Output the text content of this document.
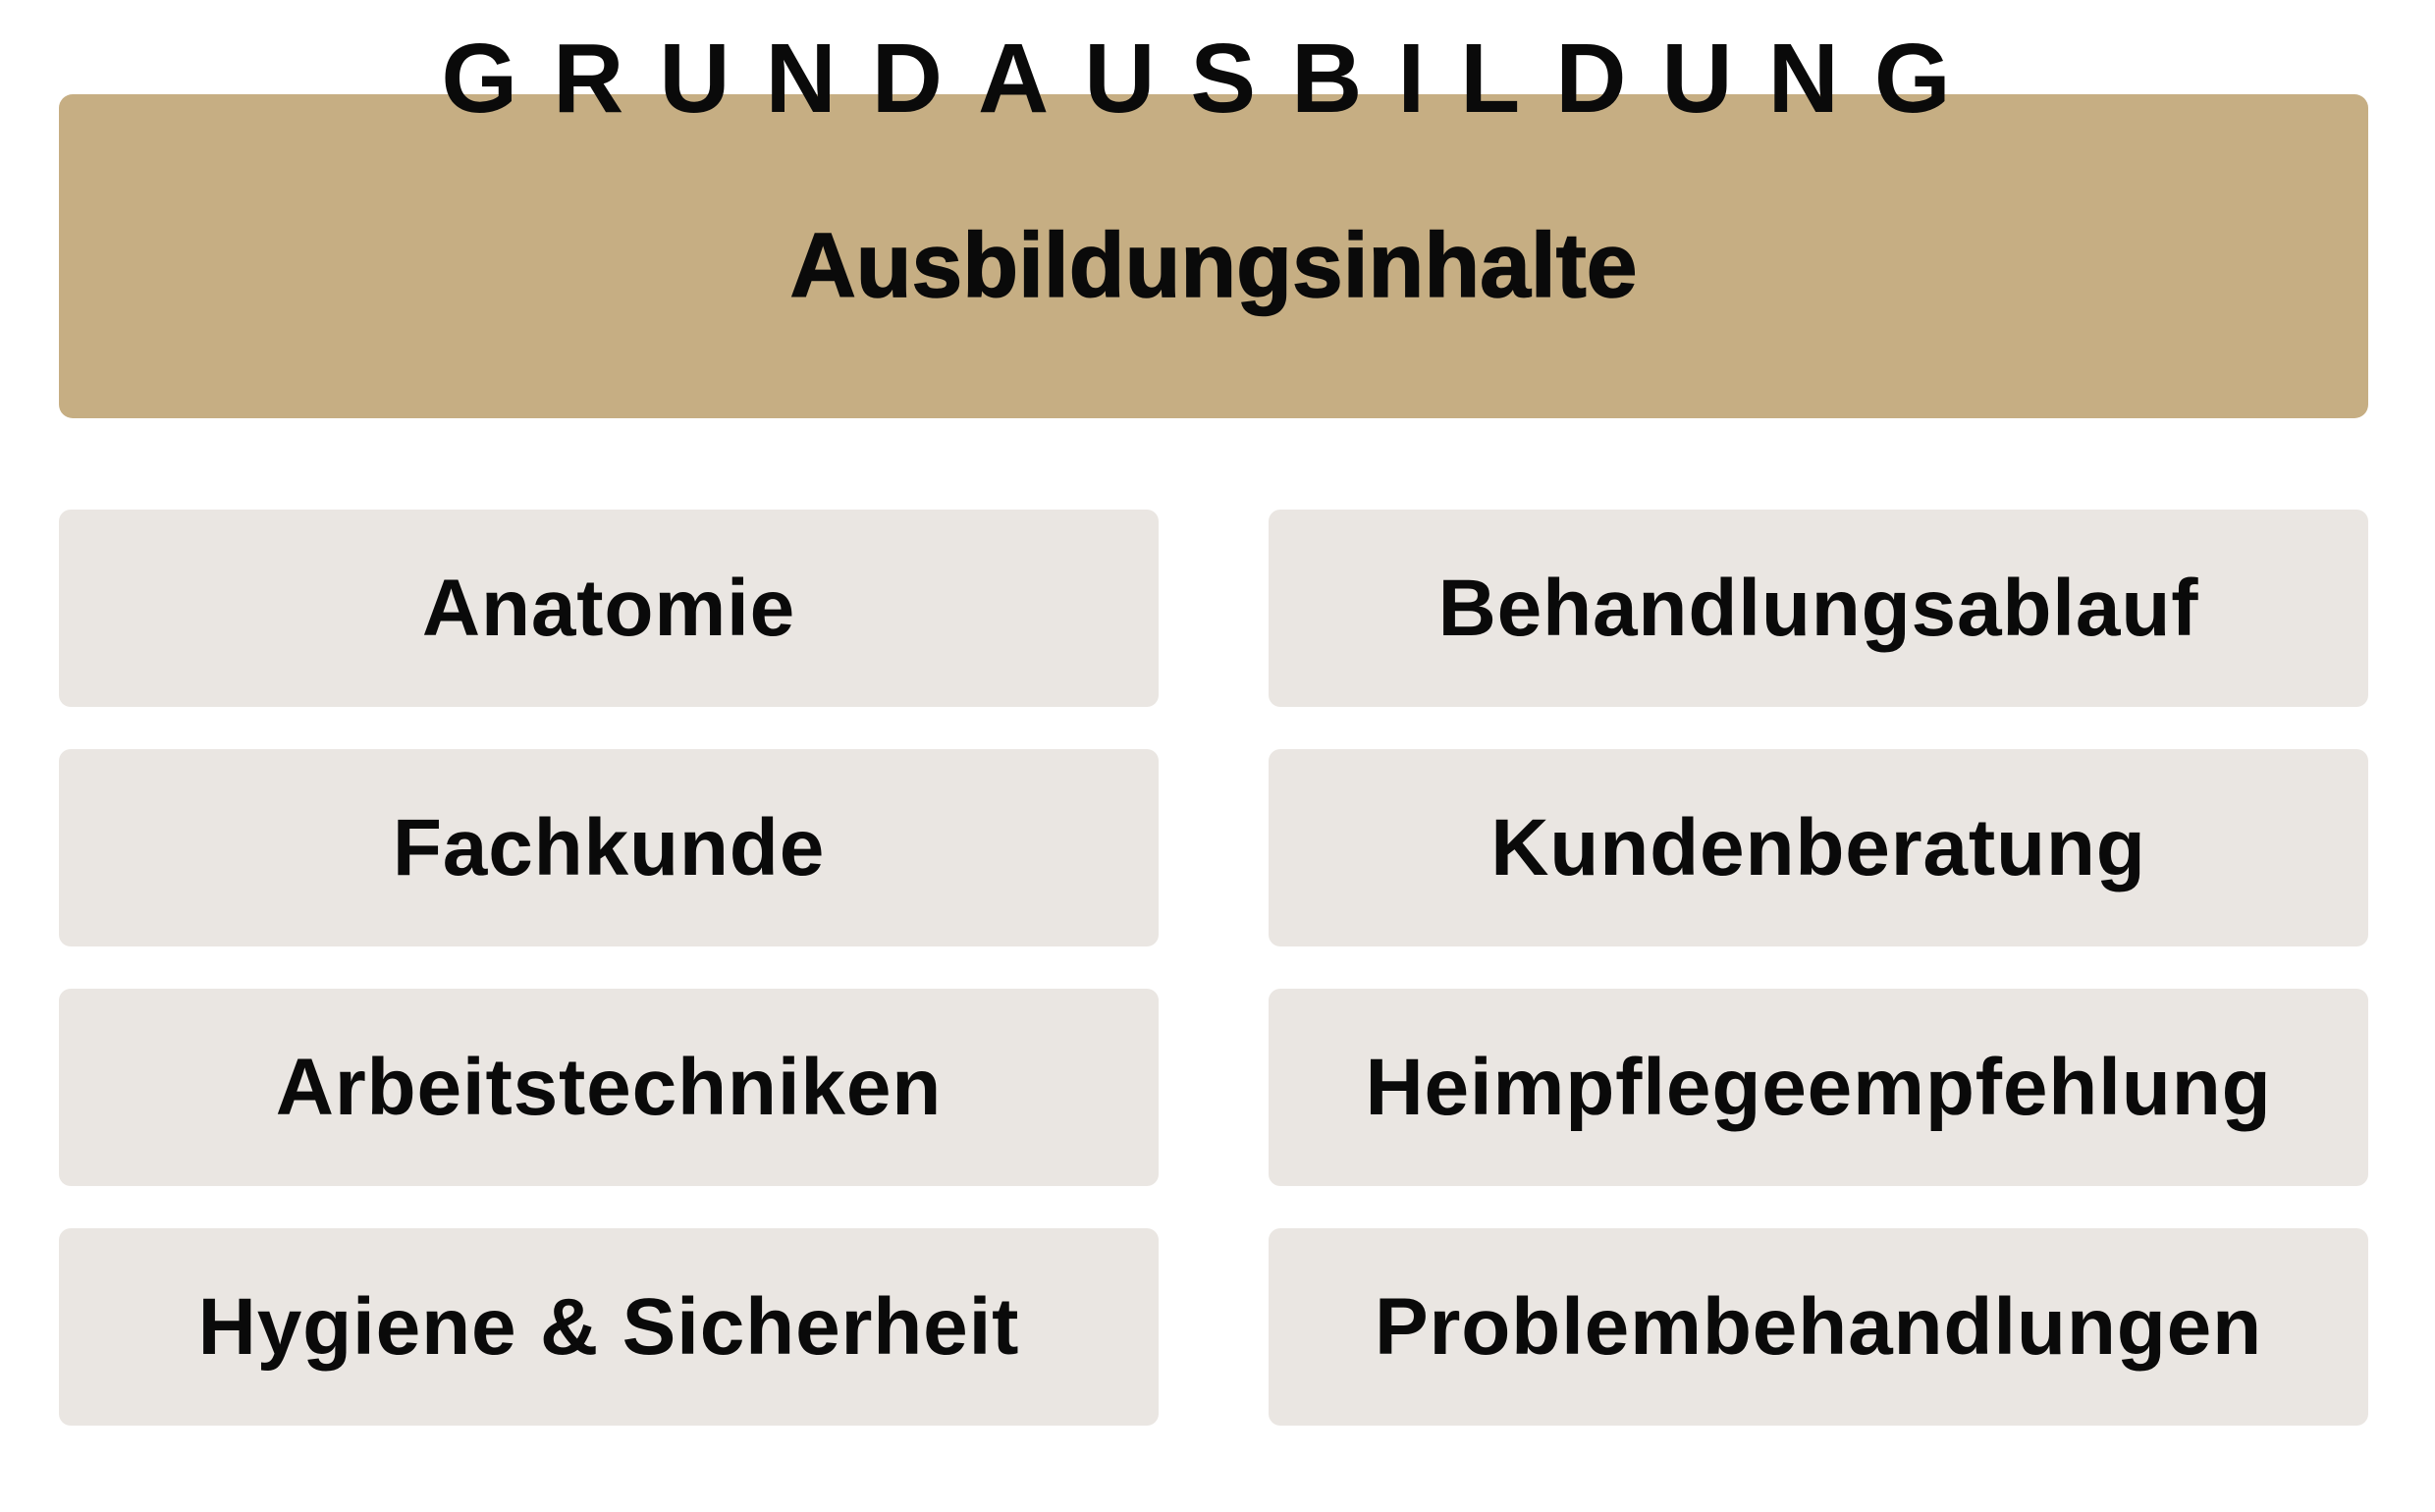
GRUNDAUSBILDUNG
Ausbildungsinhalte
Anatomie	Behandlungsablauf
Fachkunde	Kundenberatung
Arbeitstechniken	Heimpflegeempfehlung
Hygiene & Sicherheit	Problembehandlungen
